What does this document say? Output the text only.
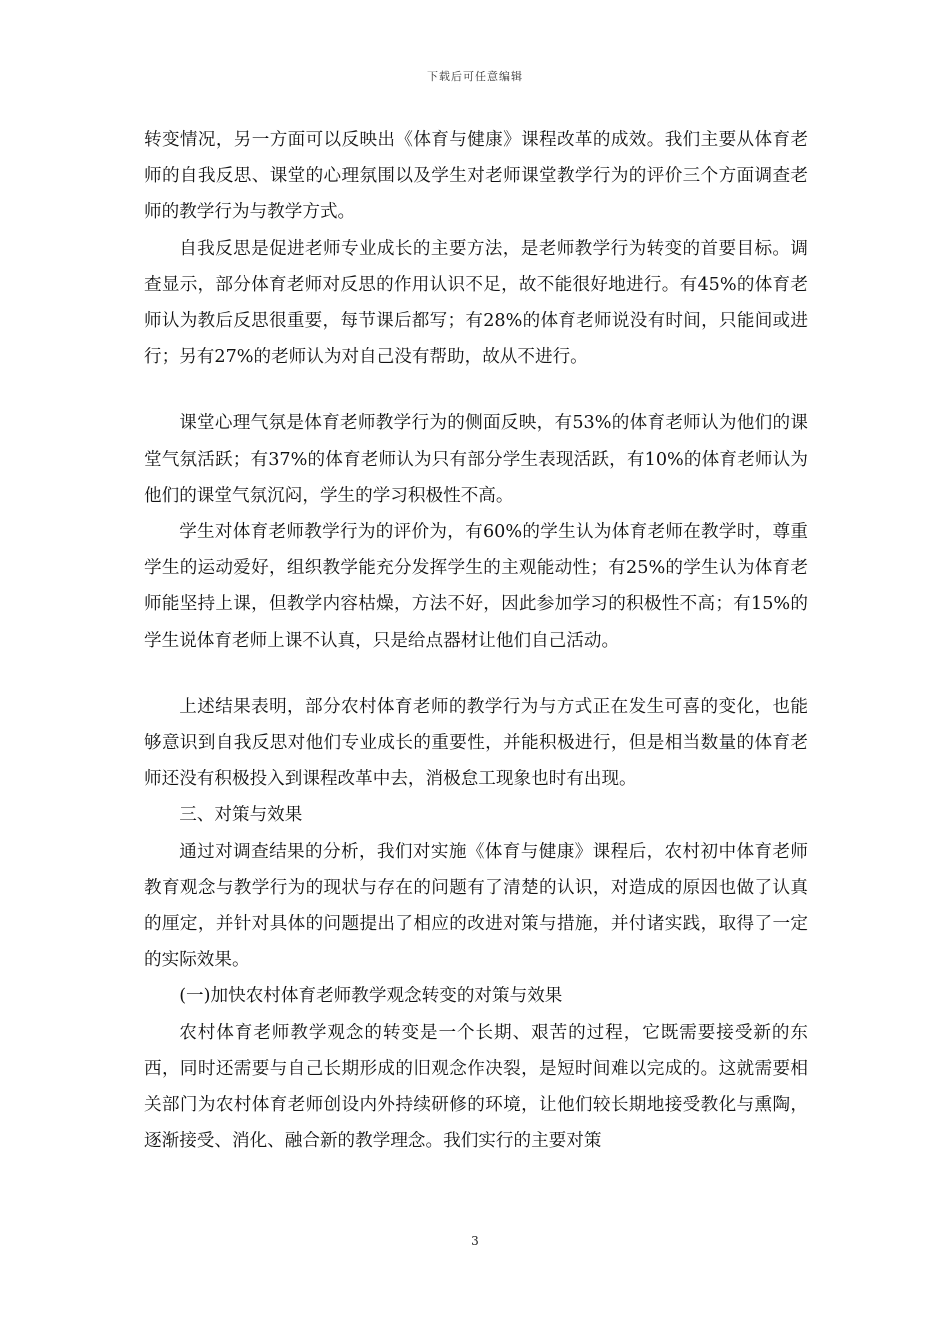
下载后可任意编辑

转变情况，另一方面可以反映出《体育与健康》课程改革的成效。我们主要从体育老师的自我反思、课堂的心理氛围以及学生对老师课堂教学行为的评价三个方面调查老师的教学行为与教学方式。

自我反思是促进老师专业成长的主要方法，是老师教学行为转变的首要目标。调查显示，部分体育老师对反思的作用认识不足，故不能很好地进行。有45%的体育老师认为教后反思很重要，每节课后都写；有28%的体育老师说没有时间，只能间或进行；另有27%的老师认为对自己没有帮助，故从不进行。

课堂心理气氛是体育老师教学行为的侧面反映，有53%的体育老师认为他们的课堂气氛活跃；有37%的体育老师认为只有部分学生表现活跃，有10%的体育老师认为他们的课堂气氛沉闷，学生的学习积极性不高。

学生对体育老师教学行为的评价为，有60%的学生认为体育老师在教学时，尊重学生的运动爱好，组织教学能充分发挥学生的主观能动性；有25%的学生认为体育老师能坚持上课，但教学内容枯燥，方法不好，因此参加学习的积极性不高；有15%的学生说体育老师上课不认真，只是给点器材让他们自己活动。

上述结果表明，部分农村体育老师的教学行为与方式正在发生可喜的变化，也能够意识到自我反思对他们专业成长的重要性，并能积极进行，但是相当数量的体育老师还没有积极投入到课程改革中去，消极怠工现象也时有出现。

三、对策与效果

通过对调查结果的分析，我们对实施《体育与健康》课程后，农村初中体育老师教育观念与教学行为的现状与存在的问题有了清楚的认识，对造成的原因也做了认真的厘定，并针对具体的问题提出了相应的改进对策与措施，并付诸实践，取得了一定的实际效果。

(一)加快农村体育老师教学观念转变的对策与效果

农村体育老师教学观念的转变是一个长期、艰苦的过程，它既需要接受新的东西，同时还需要与自己长期形成的旧观念作决裂，是短时间难以完成的。这就需要相关部门为农村体育老师创设内外持续研修的环境，让他们较长期地接受教化与熏陶，逐渐接受、消化、融合新的教学理念。我们实行的主要对策

3
